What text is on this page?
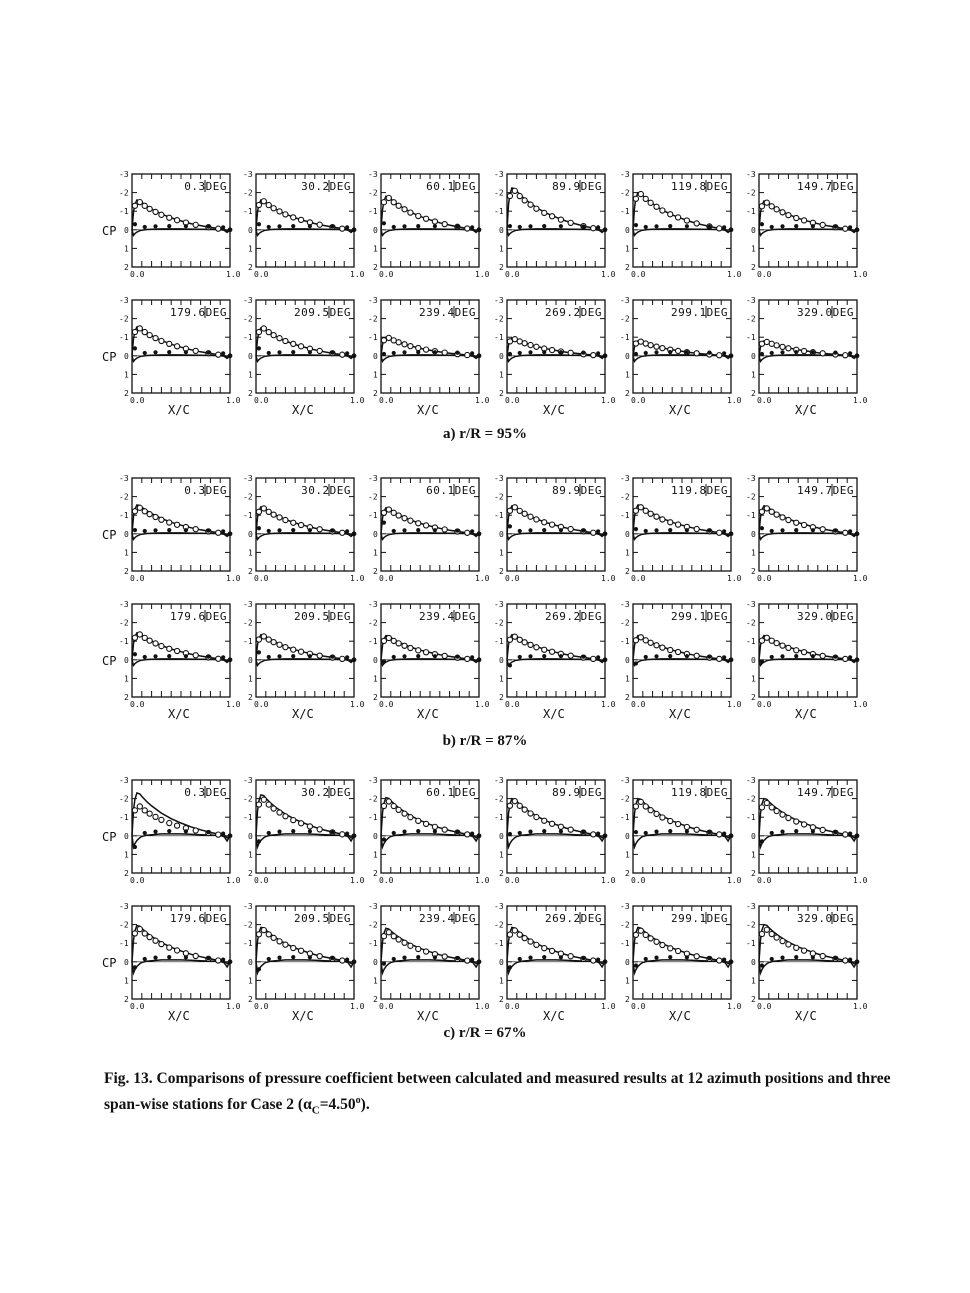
-3
-2
-1
0
1
2
0.0	1.0
0.3DEG
CP
-3
-2
-1
0
1
2
0.0	1.0
30.2DEG
-3
-2
-1
0
1
2
0.0	1.0
60.1DEG
-3
-2
-1
0
1
2
0.0	1.0
89.9DEG
-3
-2
-1
0
1
2
0.0	1.0
119.8DEG
-3
-2
-1
0
1
2
0.0	1.0
149.7DEG
-3
-2
-1
0
1
2
0.0	1.0
179.6DEG
CP
X/C
-3
-2
-1
0
1
2
0.0	1.0
209.5DEG
X/C
-3
-2
-1
0
1
2
0.0	1.0
239.4DEG
X/C
-3
-2
-1
0
1
2
0.0	1.0
269.2DEG
X/C
-3
-2
-1
0
1
2
0.0	1.0
299.1DEG
X/C
-3
-2
-1
0
1
2
0.0	1.0
329.0DEG
X/C
-3
-2
-1
0
1
2
0.0	1.0
0.3DEG
CP
-3
-2
-1
0
1
2
0.0	1.0
30.2DEG
-3
-2
-1
0
1
2
0.0	1.0
60.1DEG
-3
-2
-1
0
1
2
0.0	1.0
89.9DEG
-3
-2
-1
0
1
2
0.0	1.0
119.8DEG
-3
-2
-1
0
1
2
0.0	1.0
149.7DEG
-3
-2
-1
0
1
2
0.0	1.0
179.6DEG
CP
X/C
-3
-2
-1
0
1
2
0.0	1.0
209.5DEG
X/C
-3
-2
-1
0
1
2
0.0	1.0
239.4DEG
X/C
-3
-2
-1
0
1
2
0.0	1.0
269.2DEG
X/C
-3
-2
-1
0
1
2
0.0	1.0
299.1DEG
X/C
-3
-2
-1
0
1
2
0.0	1.0
329.0DEG
X/C
-3
-2
-1
0
1
2
0.0	1.0
0.3DEG
CP
-3
-2
-1
0
1
2
0.0	1.0
30.2DEG
-3
-2
-1
0
1
2
0.0	1.0
60.1DEG
-3
-2
-1
0
1
2
0.0	1.0
89.9DEG
-3
-2
-1
0
1
2
0.0	1.0
119.8DEG
-3
-2
-1
0
1
2
0.0	1.0
149.7DEG
-3
-2
-1
0
1
2
0.0	1.0
179.6DEG
CP
X/C
-3
-2
-1
0
1
2
0.0	1.0
209.5DEG
X/C
-3
-2
-1
0
1
2
0.0	1.0
239.4DEG
X/C
-3
-2
-1
0
1
2
0.0	1.0
269.2DEG
X/C
-3
-2
-1
0
1
2
0.0	1.0
299.1DEG
X/C
-3
-2
-1
0
1
2
0.0	1.0
329.0DEG
X/C
a) r/R = 95%
b) r/R = 87%
c) r/R = 67%
Fig. 13. Comparisons of pressure coefficient between calculated and measured results at 12 azimuth positions and three span-wise stations for Case 2 $(\alpha_C=4.50^o)$.
